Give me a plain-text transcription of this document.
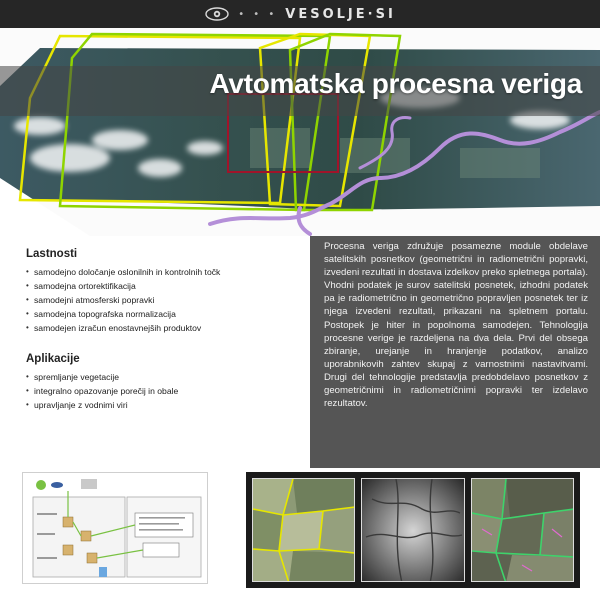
• • • VESOLJE·SI
Avtomatska procesna veriga
Lastnosti
• samodejno določanje oslonilnih in kontrolnih točk
• samodejna ortorektifikacija
• samodejni atmosferski popravki
• samodejna topografska normalizacija
• samodejen izračun enostavnejših produktov
Aplikacije
• spremljanje vegetacije
• integralno opazovanje porečij in obale
• upravljanje z vodnimi viri

Procesna veriga združuje posamezne module obdelave satelitskih posnetkov (geometrični in radiometrični popravki, izvedeni rezultati in dostava izdelkov preko spletnega portala). Vhodni podatek je surov satelitski posnetek, izhodni podatek pa je radiometrično in geometrično popravljen posnetek ter iz njega izvedeni rezultati, prikazani na spletnem portalu. Postopek je hiter in popolnoma samodejen. Tehnologija procesne verige je razdeljena na dva dela. Prvi del obsega zbiranje, urejanje in hranjenje podatkov, analizo uporabnikovih zahtev skupaj z varnostnimi nastavitvami. Drugi del tehnologije predstavlja predobdelavo posnetkov z geometričnimi in radiometričnimi popravki ter izdelavo rezultatov.
